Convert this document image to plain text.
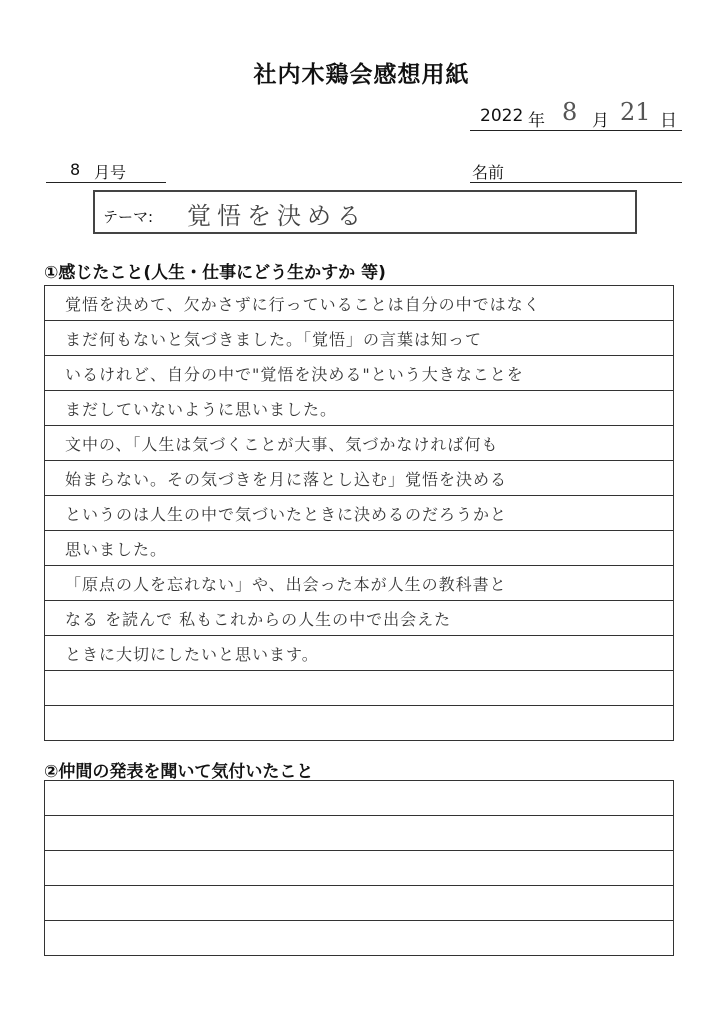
社内木鶏会感想用紙
2022 年 8 月 21 日
8 月号	名前
テーマ: 覚悟を決める
①感じたこと(人生・仕事にどう生かすか 等)
覚悟を決めて、欠かさずに行っていることは自分の中ではなく
まだ何もないと気づきました。「覚悟」の言葉は知って
いるけれど、自分の中で"覚悟を決める"という大きなことを
まだしていないように思いました。
文中の、「人生は気づくことが大事、気づかなければ何も
始まらない。その気づきを月に落とし込む」覚悟を決める
というのは人生の中で気づいたときに決めるのだろうかと
思いました。
「原点の人を忘れない」や、出会った本が人生の教科書と
なる を読んで 私もこれからの人生の中で出会えた
ときに大切にしたいと思います。
②仲間の発表を聞いて気付いたこと
